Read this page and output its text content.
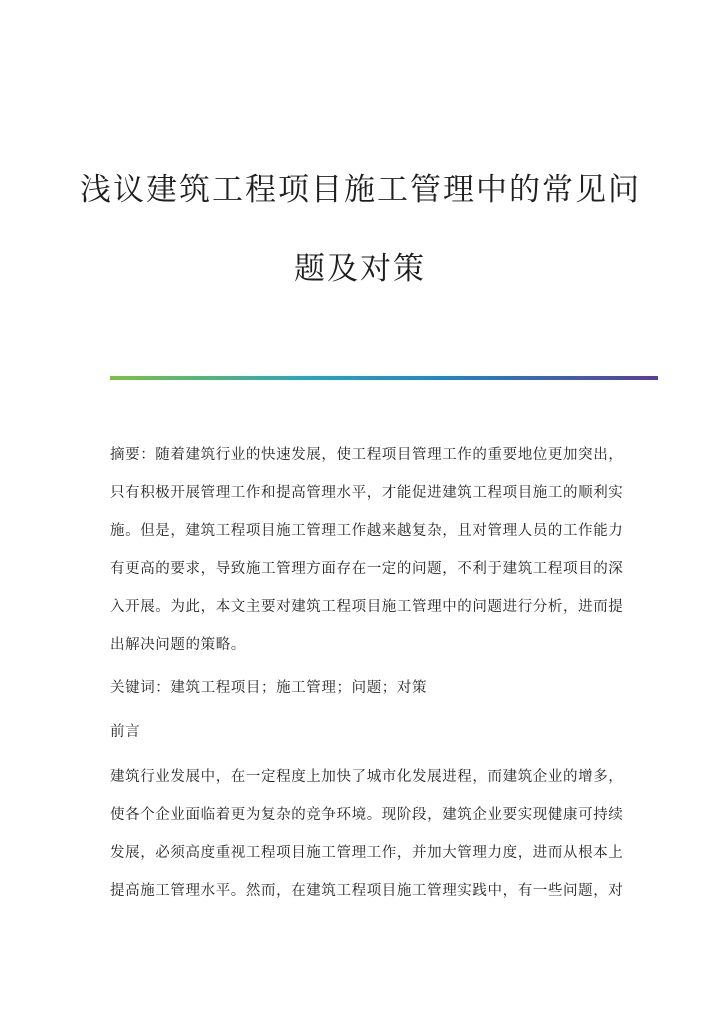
浅议建筑工程项目施工管理中的常见问
题及对策
摘要：随着建筑行业的快速发展，使工程项目管理工作的重要地位更加突出，
只有积极开展管理工作和提高管理水平，才能促进建筑工程项目施工的顺利实
施。但是，建筑工程项目施工管理工作越来越复杂，且对管理人员的工作能力
有更高的要求，导致施工管理方面存在一定的问题，不利于建筑工程项目的深
入开展。为此，本文主要对建筑工程项目施工管理中的问题进行分析，进而提
出解决问题的策略。
关键词：建筑工程项目；施工管理；问题；对策
前言
建筑行业发展中，在一定程度上加快了城市化发展进程，而建筑企业的增多，
使各个企业面临着更为复杂的竞争环境。现阶段，建筑企业要实现健康可持续
发展，必须高度重视工程项目施工管理工作，并加大管理力度，进而从根本上
提高施工管理水平。然而，在建筑工程项目施工管理实践中，有一些问题，对
